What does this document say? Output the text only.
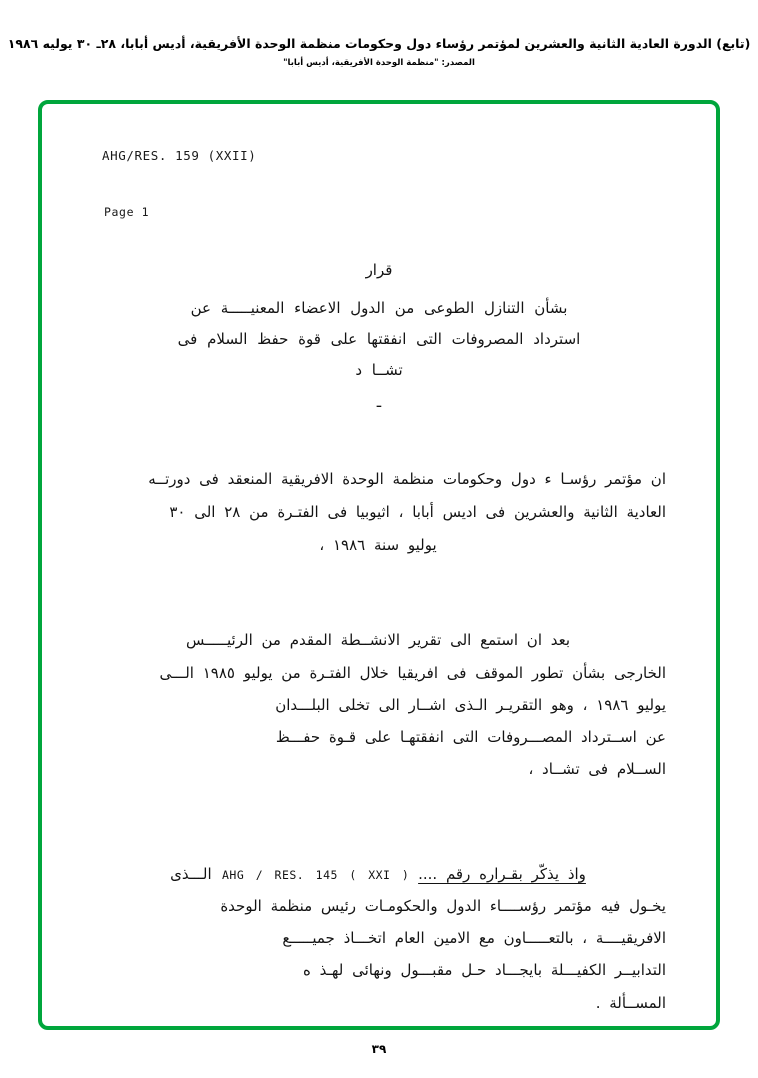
(تابع) الدورة العادية الثانية والعشرين لمؤتمر رؤساء دول وحكومات منظمة الوحدة الأفريقية، أديس أبابا، ٢٨ـ ٣٠ يوليه ١٩٨٦
المصدر: "منظمة الوحدة الأفريقية، أديس أبابا"
AHG/RES. 159 (XXII)
Page 1
قرار
بشأن التنازل الطوعى من الدول الاعضاء المعنيـــــة عن
استرداد المصروفات التى انفقتها على قوة حفظ السلام فى
تشــا د
ـ
ان مؤتمر رؤسـا ء دول وحكومات منظمة الوحدة الافريقية المنعقد فى دورتــه
العادية الثانية والعشرين فى اديس أبابا ، اثيوبيا فى الفتـرة من ٢٨ الى ٣٠
يوليو سنة ١٩٨٦ ،
بعد ان استمع الى تقرير الانشــطة المقدم من الرئيـــــس
الخارجى بشأن تطور الموقف فى افريقيا خلال الفتـرة من يوليو ١٩٨٥ الـــى
يوليو ١٩٨٦ ، وهو التقريـر الـذى اشــار الى تخلى البلـــدان
عن اســترداد المصـــروفات التى انفقتهـا على قـوة حفـــظ
الســلام فى تشــاد ،
واذ يذكّر بقـراره رقم .... AHG / RES. 145 ( XXI ) الـــذى
يخـول فيه مؤتمر رؤســــاء الدول والحكومـات رئيس منظمة الوحدة
الافريقيــــة ، بالتعـــــاون مع الامين العام اتخـــاذ جميـــــع
التدابيــر الكفيـــلة بايجـــاد حـل مقبـــول ونهائى لهـذ ه
المســألة .
٣٩
